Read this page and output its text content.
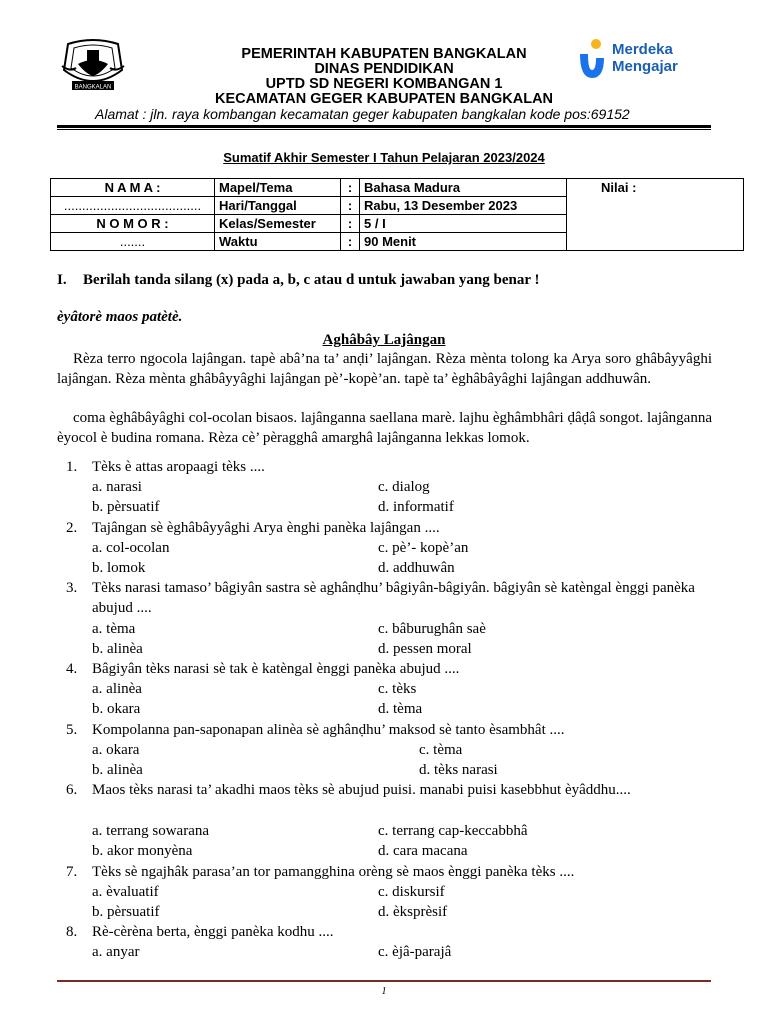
BANGKALAN
PEMERINTAH KABUPATEN BANGKALAN
DINAS PENDIDIKAN
UPTD SD NEGERI KOMBANGAN 1
KECAMATAN GEGER KABUPATEN BANGKALAN
Alamat : jln. raya kombangan kecamatan geger kabupaten bangkalan kode pos:69152
Merdeka
Mengajar
Sumatif Akhir Semester I Tahun Pelajaran 2023/2024
N A M A :	Mapel/Tema	:	Bahasa Madura	Nilai :
......................................	Hari/Tanggal	:	Rabu, 13 Desember 2023	
N O M O R :	Kelas/Semester	:	5 / I	
.......	Waktu	:	90 Menit	
I. Berilah tanda silang (x) pada a, b, c atau d untuk jawaban yang benar !
èyâtorè maos patètè.
Aghâbây Lajângan
Rèza terro ngocola lajângan. tapè abâ’na ta’ anḍi’ lajângan. Rèza mènta tolong ka Arya soro ghâbâyyâghi lajângan. Rèza mènta ghâbâyyâghi lajângan pè’-kopè’an. tapè ta’ èghâbâyâghi lajângan addhuwân.
coma èghâbâyâghi col-ocolan bisaos. lajânganna saellana marè. lajhu èghâmbhâri ḍâḍâ songot. lajânganna èyocol è budina romana. Rèza cè’ pèragghâ amarghâ lajânganna lekkas lomok.
1. Tèks è attas aropaagi tèks ....
a. narasi	c. dialog
b. pèrsuatif	d. informatif
2. Tajângan sè èghâbâyyâghi Arya ènghi panèka lajângan ....
a. col-ocolan	c. pè’- kopè’an
b. lomok	d. addhuwân
3. Tèks narasi tamaso’ bâgiyân sastra sè aghânḍhu’ bâgiyân-bâgiyân. bâgiyân sè katèngal ènggi panèka abujud ....
a. tèma	c. bâburughân saè
b. alinèa	d. pessen moral
4. Bâgiyân tèks narasi sè tak è katèngal ènggi panèka abujud ....
a. alinèa	c. tèks
b. okara	d. tèma
5. Kompolanna pan-saponapan alinèa sè aghânḍhu’ maksod sè tanto èsambhât ....
a. okara	c. tèma
b. alinèa	d. tèks narasi
6. Maos tèks narasi ta’ akadhi maos tèks sè abujud puisi. manabi puisi kasebbhut èyâddhu....
a. terrang sowarana	c. terrang cap-keccabbhâ
b. akor monyèna	d. cara macana
7. Tèks sè ngajhâk parasa’an tor pamangghina orèng sè maos ènggi panèka tèks ....
a. èvaluatif	c. diskursif
b. pèrsuatif	d. èksprèsif
8. Rè-cèrèna berta, ènggi panèka kodhu ....
a. anyar	c. èjâ-parajâ
1
